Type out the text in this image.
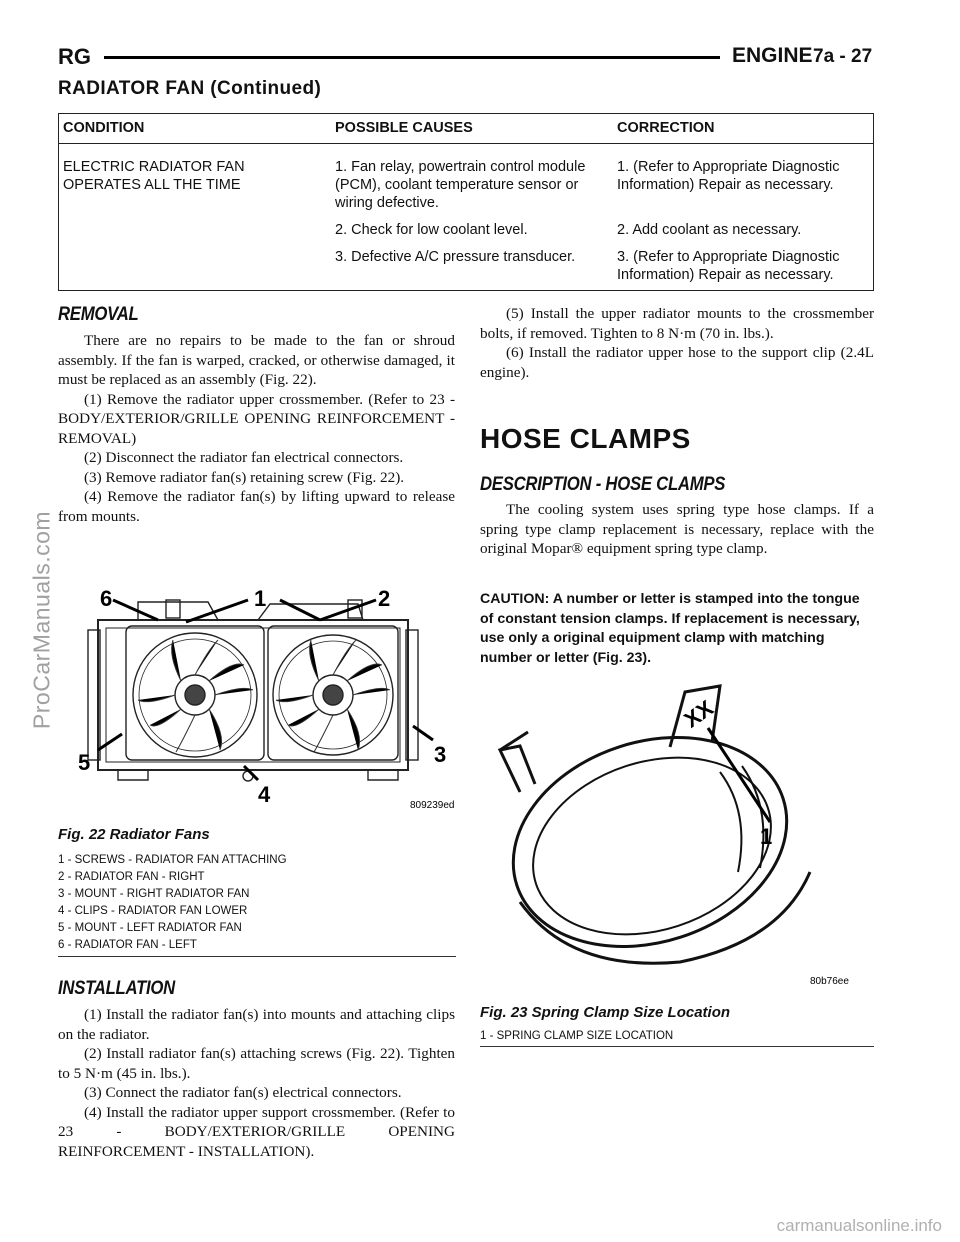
RG	ENGINE 7a - 27
RADIATOR FAN (Continued)
CONDITION	POSSIBLE CAUSES	CORRECTION

ELECTRIC RADIATOR FAN OPERATES ALL THE TIME	1. Fan relay, powertrain control module (PCM), coolant temperature sensor or wiring defective.	1. (Refer to Appropriate Diagnostic Information) Repair as necessary.
	2. Check for low coolant level.	2. Add coolant as necessary.
	3. Defective A/C pressure transducer.	3. (Refer to Appropriate Diagnostic Information) Repair as necessary.
REMOVAL

There are no repairs to be made to the fan or shroud assembly. If the fan is warped, cracked, or otherwise damaged, it must be replaced as an assembly (Fig. 22).

(1) Remove the radiator upper crossmember. (Refer to 23 - BODY/EXTERIOR/GRILLE OPENING REINFORCEMENT - REMOVAL)

(2) Disconnect the radiator fan electrical connectors.

(3) Remove radiator fan(s) retaining screw (Fig. 22).

(4) Remove the radiator fan(s) by lifting upward to release from mounts.

6	1	2
5	3
4	809239ed
Fig. 22 Radiator Fans
1 - SCREWS - RADIATOR FAN ATTACHING
2 - RADIATOR FAN - RIGHT
3 - MOUNT - RIGHT RADIATOR FAN
4 - CLIPS - RADIATOR FAN LOWER
5 - MOUNT - LEFT RADIATOR FAN
6 - RADIATOR FAN - LEFT
INSTALLATION

(1) Install the radiator fan(s) into mounts and attaching clips on the radiator.

(2) Install radiator fan(s) attaching screws (Fig. 22). Tighten to 5 N·m (45 in. lbs.).

(3) Connect the radiator fan(s) electrical connectors.

(4) Install the radiator upper support crossmember. (Refer to 23 - BODY/EXTERIOR/GRILLE OPENING REINFORCEMENT - INSTALLATION).

(5) Install the upper radiator mounts to the crossmember bolts, if removed. Tighten to 8 N·m (70 in. lbs.).

(6) Install the radiator upper hose to the support clip (2.4L engine).

HOSE CLAMPS
DESCRIPTION - HOSE CLAMPS

The cooling system uses spring type hose clamps. If a spring type clamp replacement is necessary, replace with the original Mopar® equipment spring type clamp.

CAUTION: A number or letter is stamped into the tongue of constant tension clamps. If replacement is necessary, use only a original equipment clamp with matching number or letter (Fig. 23).
XX
1
80b76ee
Fig. 23 Spring Clamp Size Location
1 - SPRING CLAMP SIZE LOCATION
ProCarManuals.com
carmanualsonline.info
